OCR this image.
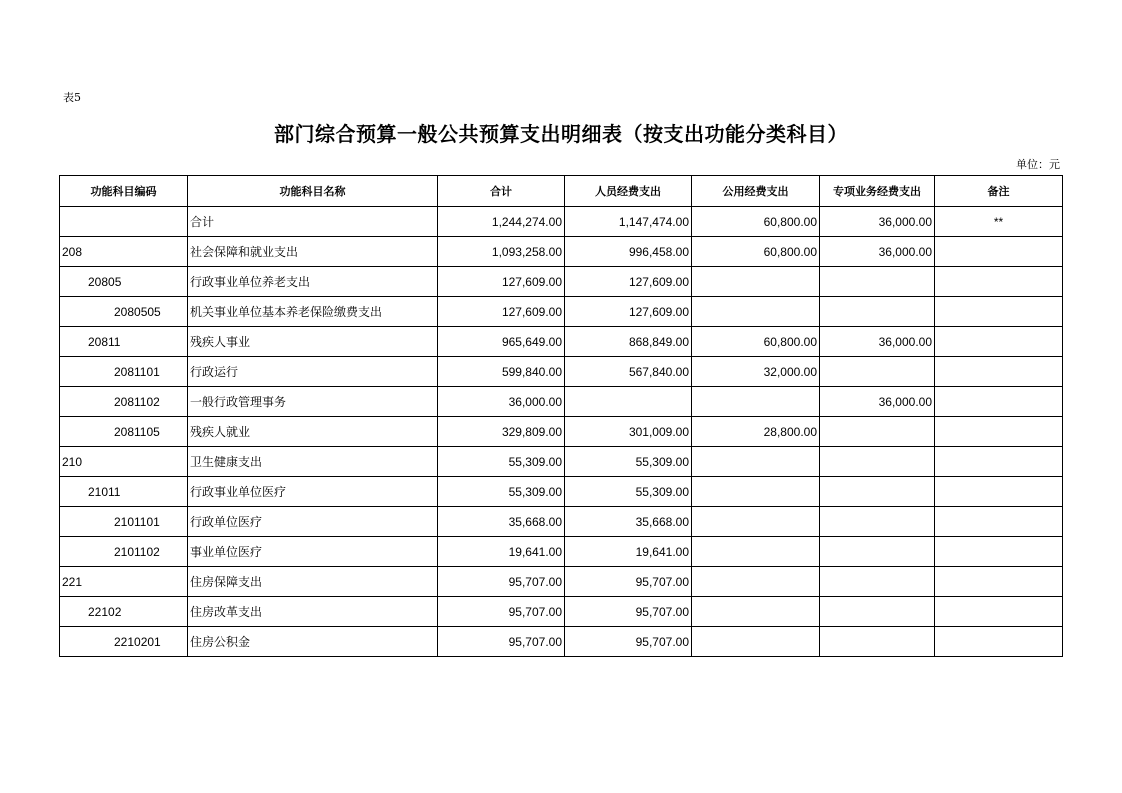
表5
部门综合预算一般公共预算支出明细表（按支出功能分类科目）
单位：元
功能科目编码	功能科目名称	合计	人员经费支出	公用经费支出	专项业务经费支出	备注
	合计	1,244,274.00	1,147,474.00	60,800.00	36,000.00	**
208	社会保障和就业支出	1,093,258.00	996,458.00	60,800.00	36,000.00	
20805	行政事业单位养老支出	127,609.00	127,609.00			
2080505	机关事业单位基本养老保险缴费支出	127,609.00	127,609.00			
20811	残疾人事业	965,649.00	868,849.00	60,800.00	36,000.00	
2081101	行政运行	599,840.00	567,840.00	32,000.00		
2081102	一般行政管理事务	36,000.00			36,000.00	
2081105	残疾人就业	329,809.00	301,009.00	28,800.00		
210	卫生健康支出	55,309.00	55,309.00			
21011	行政事业单位医疗	55,309.00	55,309.00			
2101101	行政单位医疗	35,668.00	35,668.00			
2101102	事业单位医疗	19,641.00	19,641.00			
221	住房保障支出	95,707.00	95,707.00			
22102	住房改革支出	95,707.00	95,707.00			
2210201	住房公积金	95,707.00	95,707.00			
